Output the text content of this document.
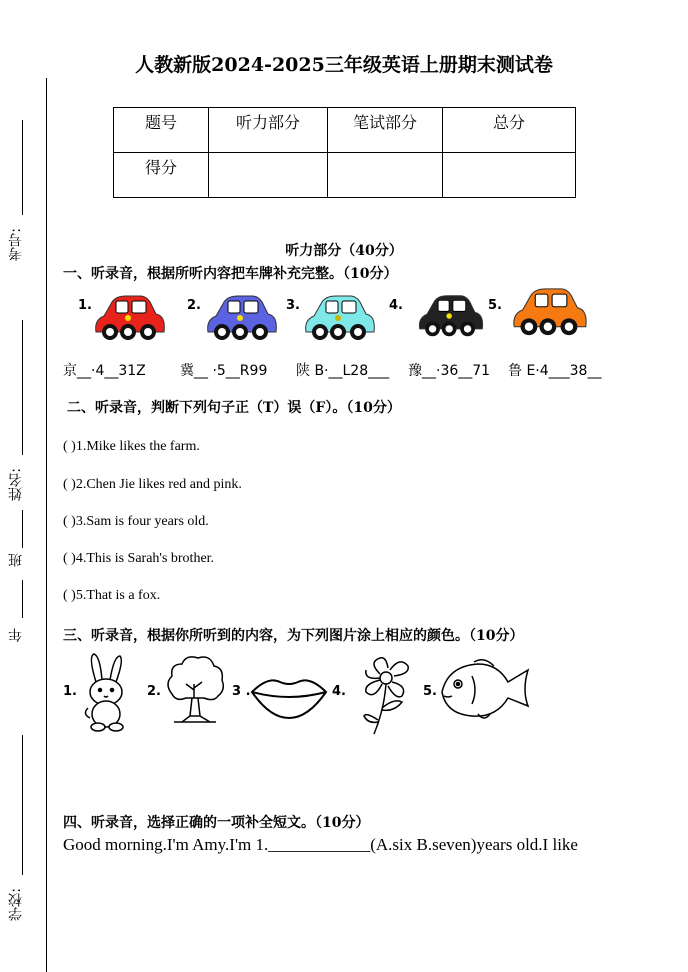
考号:
姓名:
班
年
学校:
人教新版2024-2025三年级英语上册期末测试卷
题号	听力部分	笔试部分	总分
得分			
听力部分（40分）
一、听录音，根据所听内容把车牌补充完整。（10分）
1.	2.	3.	4.	5.
京__·4__31Z 冀__ ·5__R99 陕 B·__L28___ 豫__·36__71 鲁 E·4___38__
二、听录音，判断下列句子正（T）误（F）。（10分）
( )1.Mike likes the farm.
( )2.Chen Jie likes red and pink.
( )3.Sam is four years old.
( )4.This is Sarah's brother.
( )5.That is a fox.
三、听录音，根据你所听到的内容，为下列图片涂上相应的颜色。（10分）
1.	2.	3 .	4.	5.
四、听录音，选择正确的一项补全短文。（10分）
Good morning.I'm Amy.I'm 1.____________(A.six B.seven)years old.I like
